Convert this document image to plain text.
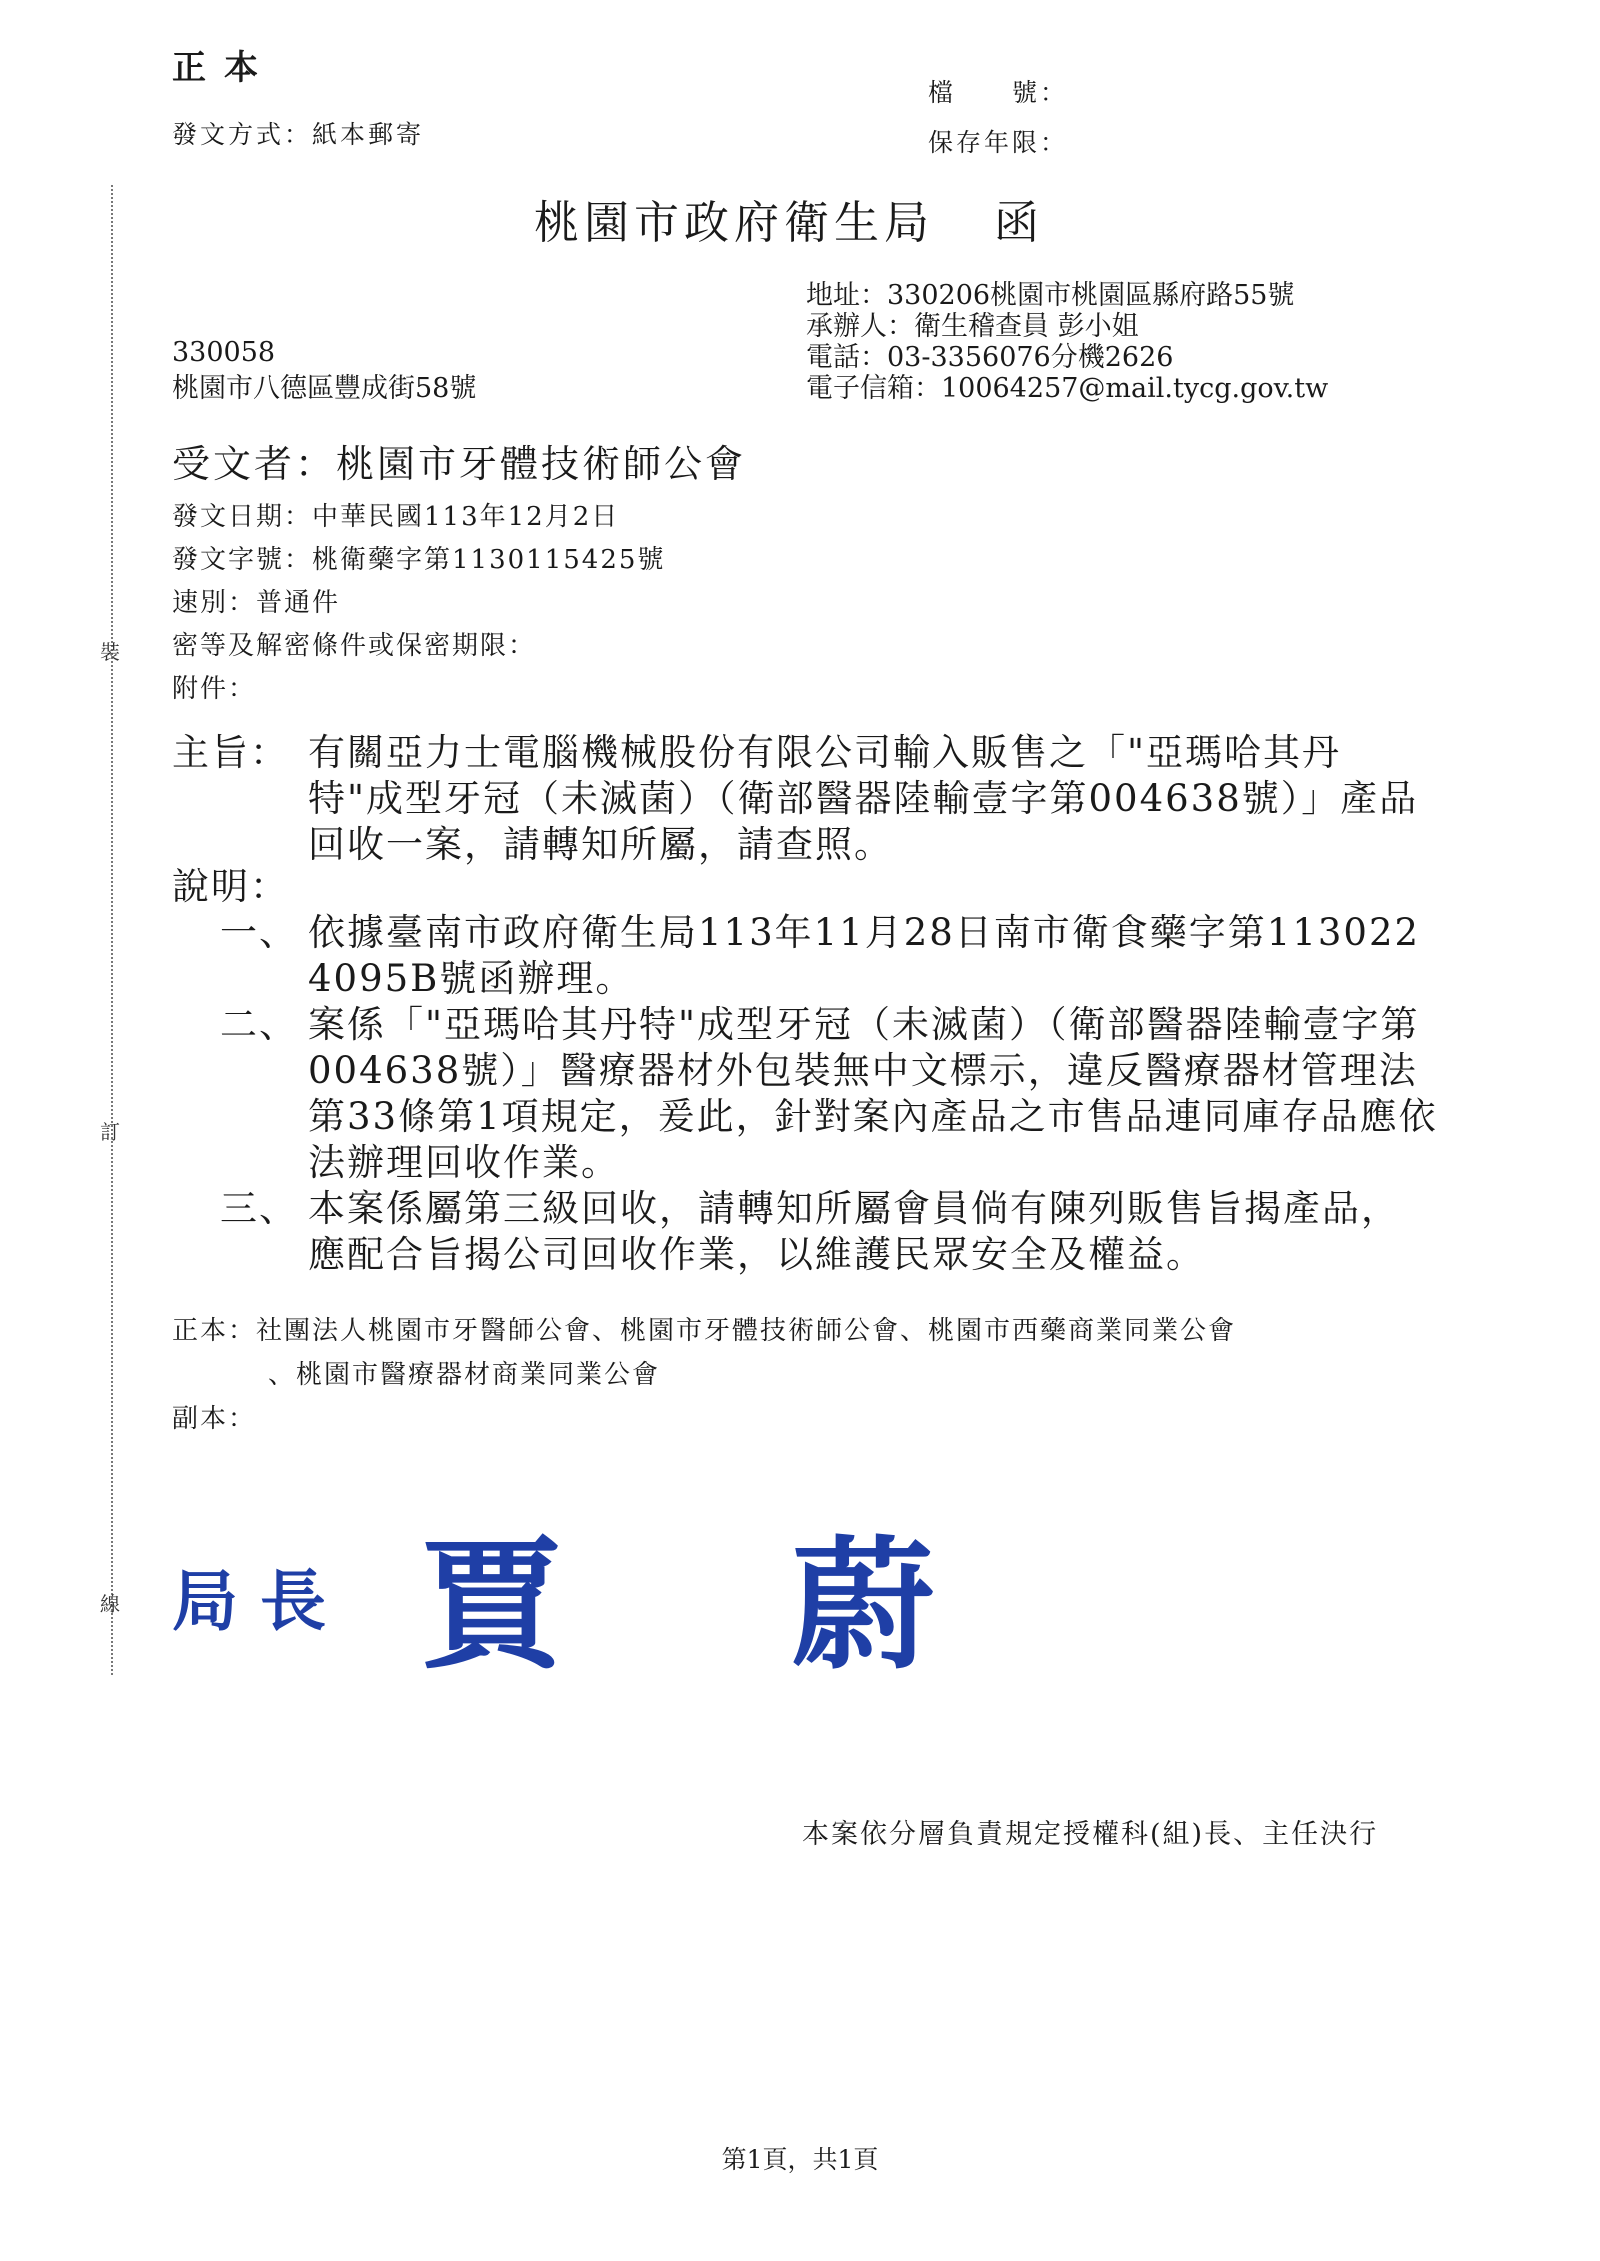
正本
發文方式：紙本郵寄
檔　　號：
保存年限：
桃園市政府衛生局 函
地址：330206桃園市桃園區縣府路55號
承辦人：衛生稽查員 彭小姐
電話：03-3356076分機2626
電子信箱：10064257@mail.tycg.gov.tw
330058
桃園市八德區豐成街58號
受文者：桃園市牙體技術師公會
發文日期：中華民國113年12月2日
發文字號：桃衛藥字第1130115425號
速別：普通件
密等及解密條件或保密期限：
附件：
裝
訂
線
主旨： 有關亞力士電腦機械股份有限公司輸入販售之「"亞瑪哈其丹特"成型牙冠（未滅菌）（衛部醫器陸輸壹字第004638號）」產品回收一案，請轉知所屬，請查照。
說明：
一、 依據臺南市政府衛生局113年11月28日南市衛食藥字第1130224095B號函辦理。
二、 案係「"亞瑪哈其丹特"成型牙冠（未滅菌）（衛部醫器陸輸壹字第004638號）」醫療器材外包裝無中文標示，違反醫療器材管理法第33條第1項規定，爰此，針對案內產品之市售品連同庫存品應依法辦理回收作業。
三、 本案係屬第三級回收，請轉知所屬會員倘有陳列販售旨揭產品，應配合旨揭公司回收作業，以維護民眾安全及權益。
正本：社團法人桃園市牙醫師公會、桃園市牙體技術師公會、桃園市西藥商業同業公會
、桃園市醫療器材商業同業公會
副本：
局長 賈蔚
本案依分層負責規定授權科(組)長、主任決行
第1頁，共1頁
